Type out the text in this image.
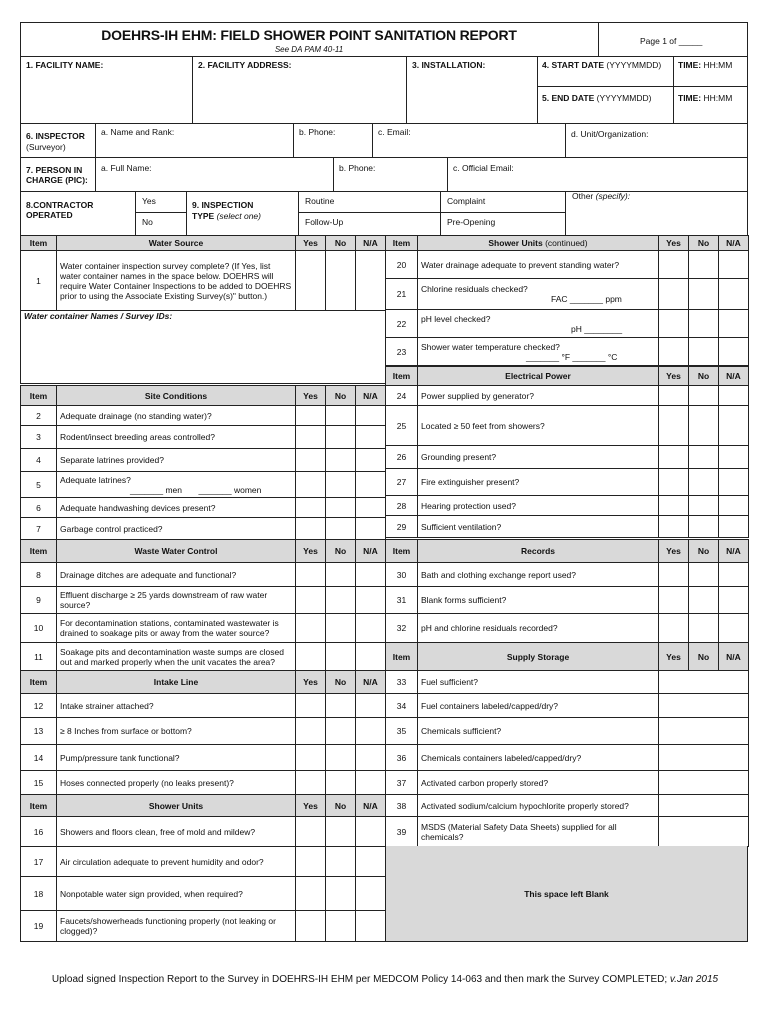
DOEHRS-IH EHM: FIELD SHOWER POINT SANITATION REPORT
See DA PAM 40-11
Page 1 of _____
1. FACILITY NAME:	2. FACILITY ADDRESS:	3. INSTALLATION:	4. START DATE (YYYYMMDD) TIME: HH:MM
5. END DATE (YYYYMMDD)	TIME: HH:MM
6. INSPECTOR
(Surveyor)
a. Name and Rank:	b. Phone:	c. Email:	d. Unit/Organization:
7. PERSON IN CHARGE (PIC):
a. Full Name:	b. Phone:	c. Official Email:
8.CONTRACTOR OPERATED
Yes
No
9. INSPECTION
TYPE (select one)
Routine
Follow-Up
Complaint
Pre-Opening
Other (specify):
Item	Water Source	Yes	No	N/A
1	Water container inspection survey complete? (If Yes, list water container names in the space below. DOEHRS will require Water Container Inspections to be added to DOEHRS prior to using the Associate Existing Survey(s)" button.)			
Water container Names / Survey IDs:				
Item	Site Conditions	Yes	No	N/A
2	Adequate drainage (no standing water)?			
3	Rodent/insect breeding areas controlled?			
4	Separate latrines provided?			
5	Adequate latrines?
_______ men _______ women			

6	Adequate handwashing devices present?			
7	Garbage control practiced?			
Item	Waste Water Control	Yes	No	N/A
8	Drainage ditches are adequate and functional?			
9	Effluent discharge ≥ 25 yards downstream of raw water source?			
10	For decontamination stations, contaminated wastewater is drained to soakage pits or away from the water source?			
11	Soakage pits and decontamination waste sumps are closed out and marked properly when the unit vacates the area?			
Item	Intake Line	Yes	No	N/A
12	Intake strainer attached?			
13	≥ 8 Inches from surface or bottom?			
14	Pump/pressure tank functional?			
15	Hoses connected properly (no leaks present)?			
Item	Shower Units	Yes	No	N/A
16	Showers and floors clean, free of mold and mildew?			
17	Air circulation adequate to prevent humidity and odor?			
18	Nonpotable water sign provided, when required?			
19	Faucets/showerheads functioning properly (not leaking or clogged)?			
Item	Shower Units (continued)	Yes	No	N/A
20	Water drainage adequate to prevent standing water?			
21	Chlorine residuals checked?
FAC _______ ppm			

22	pH level checked?
pH ________			

23	Shower water temperature checked?
_______ °F _______ °C			

Item	Electrical Power	Yes	No	N/A
24	Power supplied by generator?			
25	Located ≥ 50 feet from showers?			
26	Grounding present?			
27	Fire extinguisher present?			
28	Hearing protection used?			
29	Sufficient ventilation?			
Item	Records	Yes	No	N/A
30	Bath and clothing exchange report used?			
31	Blank forms sufficient?			
32	pH and chlorine residuals recorded?			
Item	Supply Storage	Yes	No	N/A
33	Fuel sufficient?			
34	Fuel containers labeled/capped/dry?			
35	Chemicals sufficient?			
36	Chemicals containers labeled/capped/dry?			
37	Activated carbon properly stored?			
38	Activated sodium/calcium hypochlorite properly stored?			
39	MSDS (Material Safety Data Sheets) supplied for all chemicals?			
This space left Blank
Upload signed Inspection Report to the Survey in DOEHRS-IH EHM per MEDCOM Policy 14-063 and then mark the Survey COMPLETED; v.Jan 2015
